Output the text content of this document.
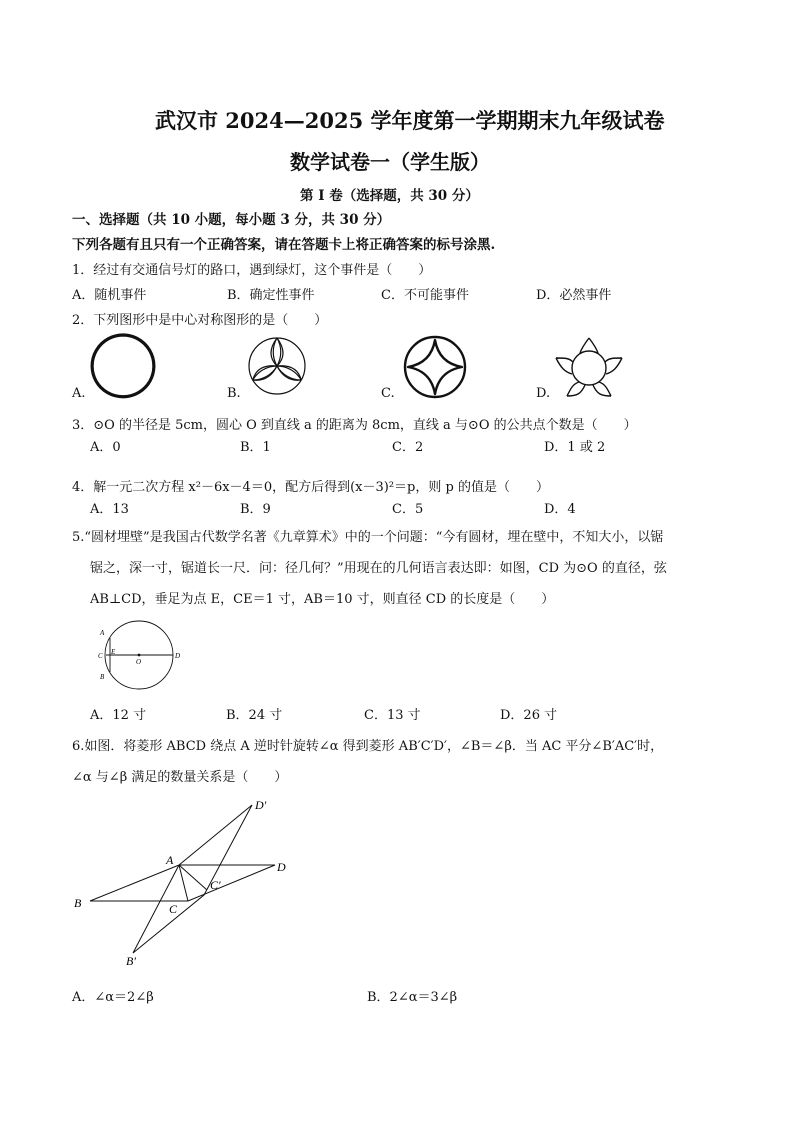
武汉市 2024—2025 学年度第一学期期末九年级试卷
数学试卷一（学生版）
第 I 卷（选择题，共 30 分）
一、选择题（共 10 小题，每小题 3 分，共 30 分）
下列各题有且只有一个正确答案，请在答题卡上将正确答案的标号涂黑.
1．经过有交通信号灯的路口，遇到绿灯，这个事件是（　　）
A．随机事件	B．确定性事件	C．不可能事件	D．必然事件
2．下列图形中是中心对称图形的是（　　）
A.	B.	C.	D.
3．⊙O 的半径是 5cm，圆心 O 到直线 a 的距离为 8cm，直线 a 与⊙O 的公共点个数是（　　）
A．0	B．1	C．2	D．1 或 2
4．解一元二次方程 x²－6x－4＝0，配方后得到(x－3)²＝p，则 p 的值是（　　）
A．13	B．9	C．5	D．4
5.“圆材埋壁”是我国古代数学名著《九章算术》中的一个问题：“今有圆材，埋在壁中，不知大小，以锯
锯之，深一寸，锯道长一尺．问：径几何？”用现在的几何语言表达即：如图，CD 为⊙O 的直径，弦
AB⊥CD，垂足为点 E，CE＝1 寸，AB＝10 寸，则直径 CD 的长度是（　　）
A
C E
O
D
B
A．12 寸	B．24 寸	C．13 寸	D．26 寸
6.如图．将菱形 ABCD 绕点 A 逆时针旋转∠α 得到菱形 AB′C′D′，∠B＝∠β．当 AC 平分∠B′AC′时，
∠α 与∠β 满足的数量关系是（　　）
D′
A	D
C′
B	C
B′
A．∠α＝2∠β	B．2∠α＝3∠β
